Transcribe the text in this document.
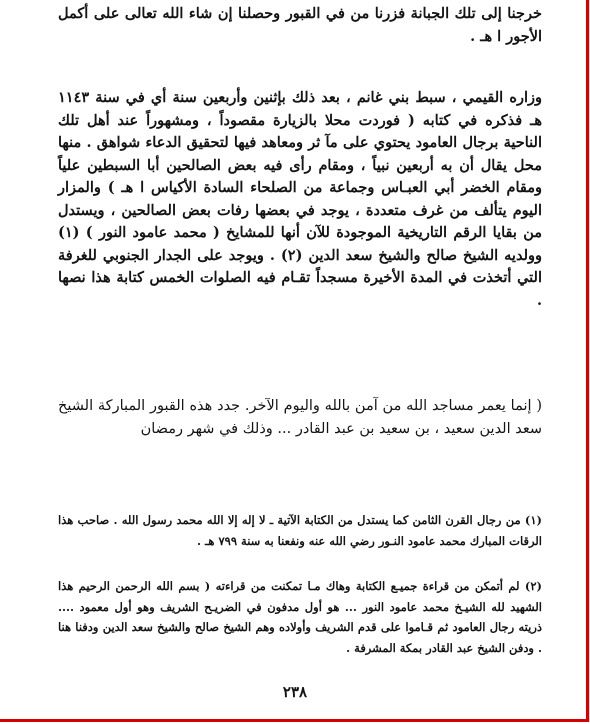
خرجنا إلى تلك الجبانة فزرنا من في القبور وحصلنا إن شاء الله تعالى على أكمل الأجور ا هـ .

وزاره القيمي ، سبط بني غانم ، بعد ذلك بإثنين وأربعين سنة أي في سنة ١١٤٣ هـ فذكره في كتابه ( فوردت محلا بالزيارة مقصوداً ، ومشهوراً عند أهل تلك الناحية برجال العامود يحتوي على مآ ثر ومعاهد فيها لتحقيق الدعاء شواهق . منها محل يقال أن به أربعين نبياً ، ومقام رأى فيه بعض الصالحين أبا السبطين علياً ومقام الخضر أبي العبـاس وجماعة من الصلحاء السادة الأكياس ا هـ ) والمزار اليوم يتألف من غرف متعددة ، يوجد في بعضها رفات بعض الصالحين ، ويستدل من بقايا الرقم التاريخية الموجودة للآن أنها للمشايخ ( محمد عامود النور ) (١) وولديه الشيخ صالح والشيخ سعد الدين (٢) . ويوجد على الجدار الجنوبي للغرفة التي أتخذت في المدة الأخيرة مسجداً تقـام فيه الصلوات الخمس كتابة هذا نصها .

( إنما يعمر مساجد الله من آمن بالله واليوم الآخر. جدد هذه القبور المباركة الشيخ سعد الدين سعيد ، بن سعيد بن عبد القادر ... وذلك في شهر رمضان

(١) من رجال القرن الثامن كما يستدل من الكتابة الآتية ـ لا إله إلا الله محمد رسول الله . صاحب هذا الرقات المبارك محمد عامود النـور رضي الله عنه ونفعنا به سنة ٧٩٩ هـ .

(٢) لم أتمكن من قراءة جميـع الكتابة وهاك مـا تمكنت من قراءته ( بسم الله الرحمن الرحيم هذا الشهيد لله الشيـخ محمد عامود النور ... هو أول مدفون في الضريـح الشريف وهو أول معمود .... ذريته رجال العامود ثم قـاموا على قدم الشريف وأولاده وهم الشيخ صالح والشيخ سعد الدين ودفنا هنا . ودفن الشيخ عبد القادر بمكة المشرفة .

٢٣٨
